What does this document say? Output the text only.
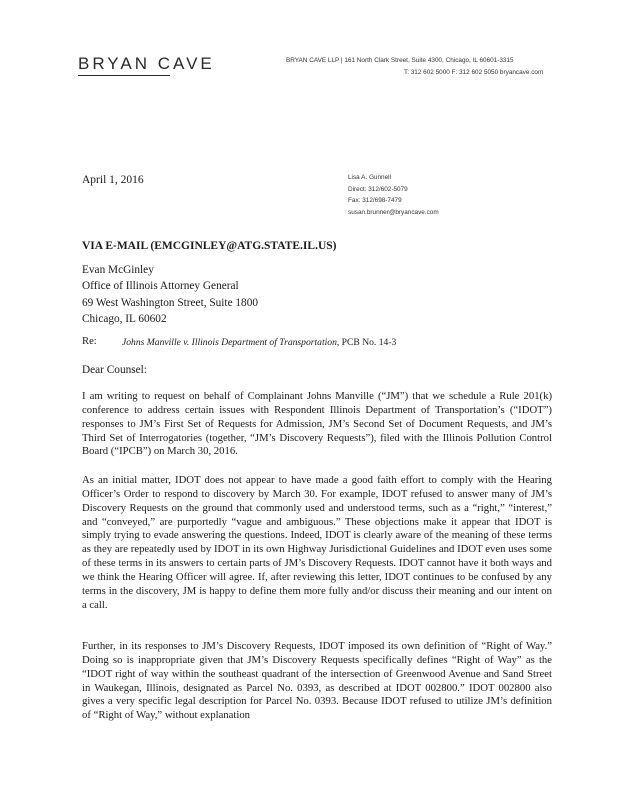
BRYAN CAVE	BRYAN CAVE LLP | 161 North Clark Street, Suite 4300, Chicago, IL 60601-3315
T: 312 602 5000 F: 312 602 5050 bryancave.com
April 1, 2016	Lisa A. Gunnell
Direct: 312/602-5079
Fax: 312/698-7479
susan.brunner@bryancave.com
VIA E-MAIL (EMCGINLEY@ATG.STATE.IL.US)
Evan McGinley
Office of Illinois Attorney General
69 West Washington Street, Suite 1800
Chicago, IL 60602
Re:	Johns Manville v. Illinois Department of Transportation, PCB No. 14-3
Dear Counsel:
I am writing to request on behalf of Complainant Johns Manville (“JM”) that we schedule a Rule 201(k) conference to address certain issues with Respondent Illinois Department of Transportation’s (“IDOT”) responses to JM’s First Set of Requests for Admission, JM’s Second Set of Document Requests, and JM’s Third Set of Interrogatories (together, “JM’s Discovery Requests”), filed with the Illinois Pollution Control Board (“IPCB”) on March 30, 2016.
As an initial matter, IDOT does not appear to have made a good faith effort to comply with the Hearing Officer’s Order to respond to discovery by March 30. For example, IDOT refused to answer many of JM’s Discovery Requests on the ground that commonly used and understood terms, such as a “right,” “interest,” and “conveyed,” are purportedly “vague and ambiguous.” These objections make it appear that IDOT is simply trying to evade answering the questions. Indeed, IDOT is clearly aware of the meaning of these terms as they are repeatedly used by IDOT in its own Highway Jurisdictional Guidelines and IDOT even uses some of these terms in its answers to certain parts of JM’s Discovery Requests. IDOT cannot have it both ways and we think the Hearing Officer will agree. If, after reviewing this letter, IDOT continues to be confused by any terms in the discovery, JM is happy to define them more fully and/or discuss their meaning and our intent on a call.
Further, in its responses to JM’s Discovery Requests, IDOT imposed its own definition of “Right of Way.” Doing so is inappropriate given that JM’s Discovery Requests specifically defines “Right of Way” as the “IDOT right of way within the southeast quadrant of the intersection of Greenwood Avenue and Sand Street in Waukegan, Illinois, designated as Parcel No. 0393, as described at IDOT 002800.” IDOT 002800 also gives a very specific legal description for Parcel No. 0393. Because IDOT refused to utilize JM’s definition of “Right of Way,” without explanation
